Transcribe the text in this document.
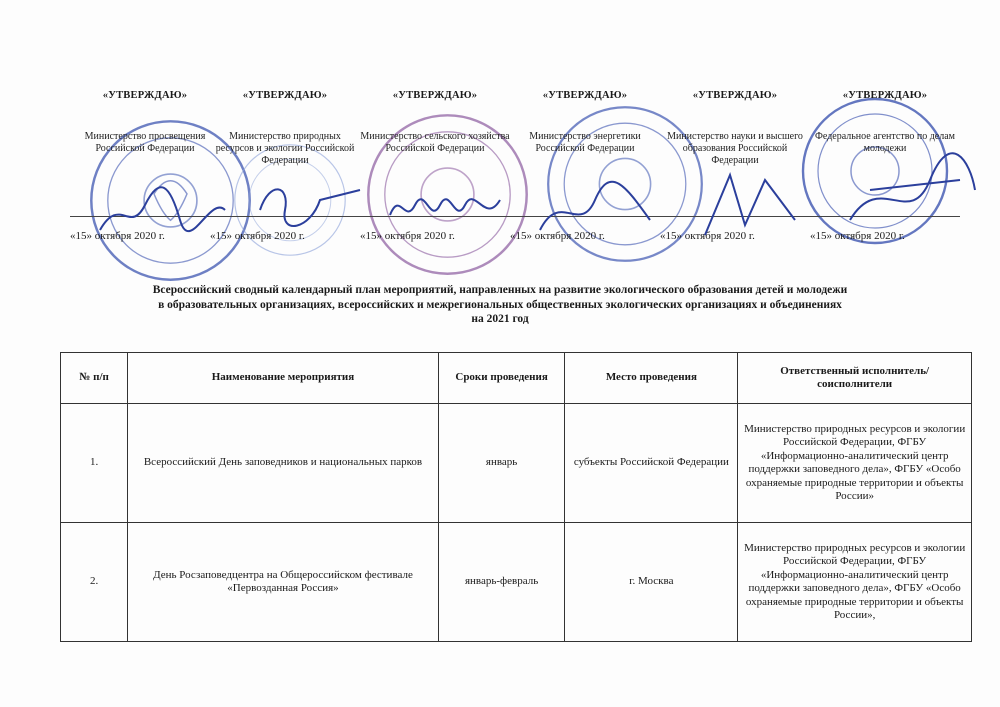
«УТВЕРЖДАЮ»
Министерство просвещения Российской Федерации
«15» октября 2020 г.
«УТВЕРЖДАЮ»
Министерство природных ресурсов и экологии Российской Федерации
«15» октября 2020 г.
«УТВЕРЖДАЮ»
Министерство сельского хозяйства Российской Федерации
«15» октября 2020 г.
«УТВЕРЖДАЮ»
Министерство энергетики Российской Федерации
«15» октября 2020 г.
«УТВЕРЖДАЮ»
Министерство науки и высшего образования Российской Федерации
«15» октября 2020 г.
«УТВЕРЖДАЮ»
Федеральное агентство по делам молодежи
«15» октября 2020 г.
Всероссийский сводный календарный план мероприятий, направленных на развитие экологического образования детей и молодежи
в образовательных организациях, всероссийских и межрегиональных общественных экологических организациях и объединениях
на 2021 год
№ п/п	Наименование мероприятия	Сроки проведения	Место проведения	Ответственный исполнитель/ соисполнители
1.	Всероссийский День заповедников и национальных парков	январь	субъекты Российской Федерации	Министерство природных ресурсов и экологии Российской Федерации, ФГБУ «Информационно-аналитический центр поддержки заповедного дела», ФГБУ «Особо охраняемые природные территории и объекты России»
2.	День Росзаповедцентра на Общероссийском фестивале «Первозданная Россия»	январь-февраль	г. Москва	Министерство природных ресурсов и экологии Российской Федерации, ФГБУ «Информационно-аналитический центр поддержки заповедного дела», ФГБУ «Особо охраняемые природные территории и объекты России»,
